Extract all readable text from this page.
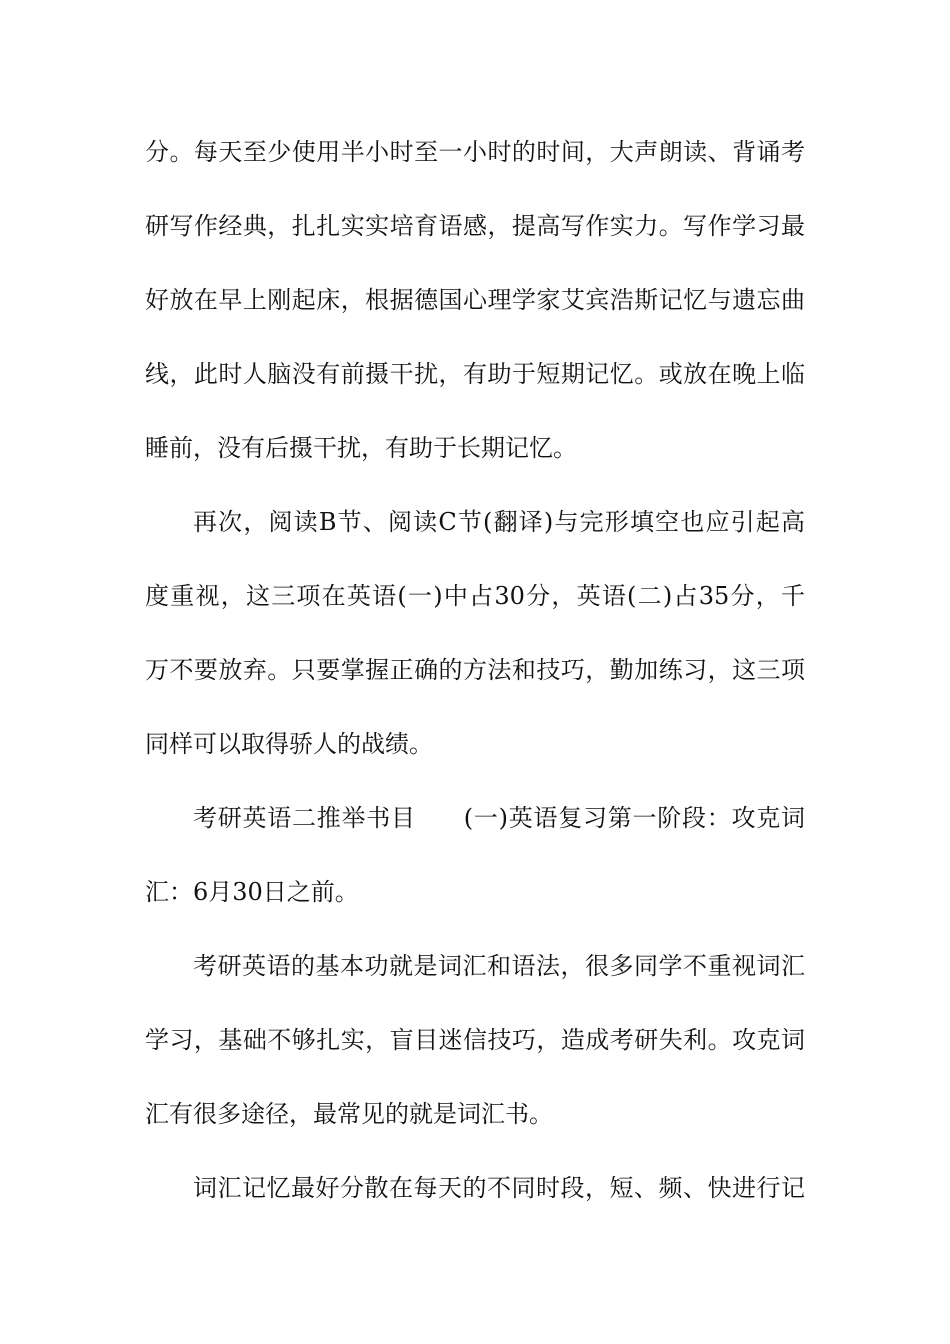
分。每天至少使用半小时至一小时的时间，大声朗读、背诵考
研写作经典，扎扎实实培育语感，提高写作实力。写作学习最
好放在早上刚起床，根据德国心理学家艾宾浩斯记忆与遗忘曲
线，此时人脑没有前摄干扰，有助于短期记忆。或放在晚上临
睡前，没有后摄干扰，有助于长期记忆。
再次，阅读B节、阅读C节(翻译)与完形填空也应引起高
度重视，这三项在英语(一)中占30分，英语(二)占35分，千
万不要放弃。只要掌握正确的方法和技巧，勤加练习，这三项
同样可以取得骄人的战绩。
考研英语二推举书目 (一)英语复习第一阶段：攻克词
汇：6月30日之前。
考研英语的基本功就是词汇和语法，很多同学不重视词汇
学习，基础不够扎实，盲目迷信技巧，造成考研失利。攻克词
汇有很多途径，最常见的就是词汇书。
词汇记忆最好分散在每天的不同时段，短、频、快进行记
